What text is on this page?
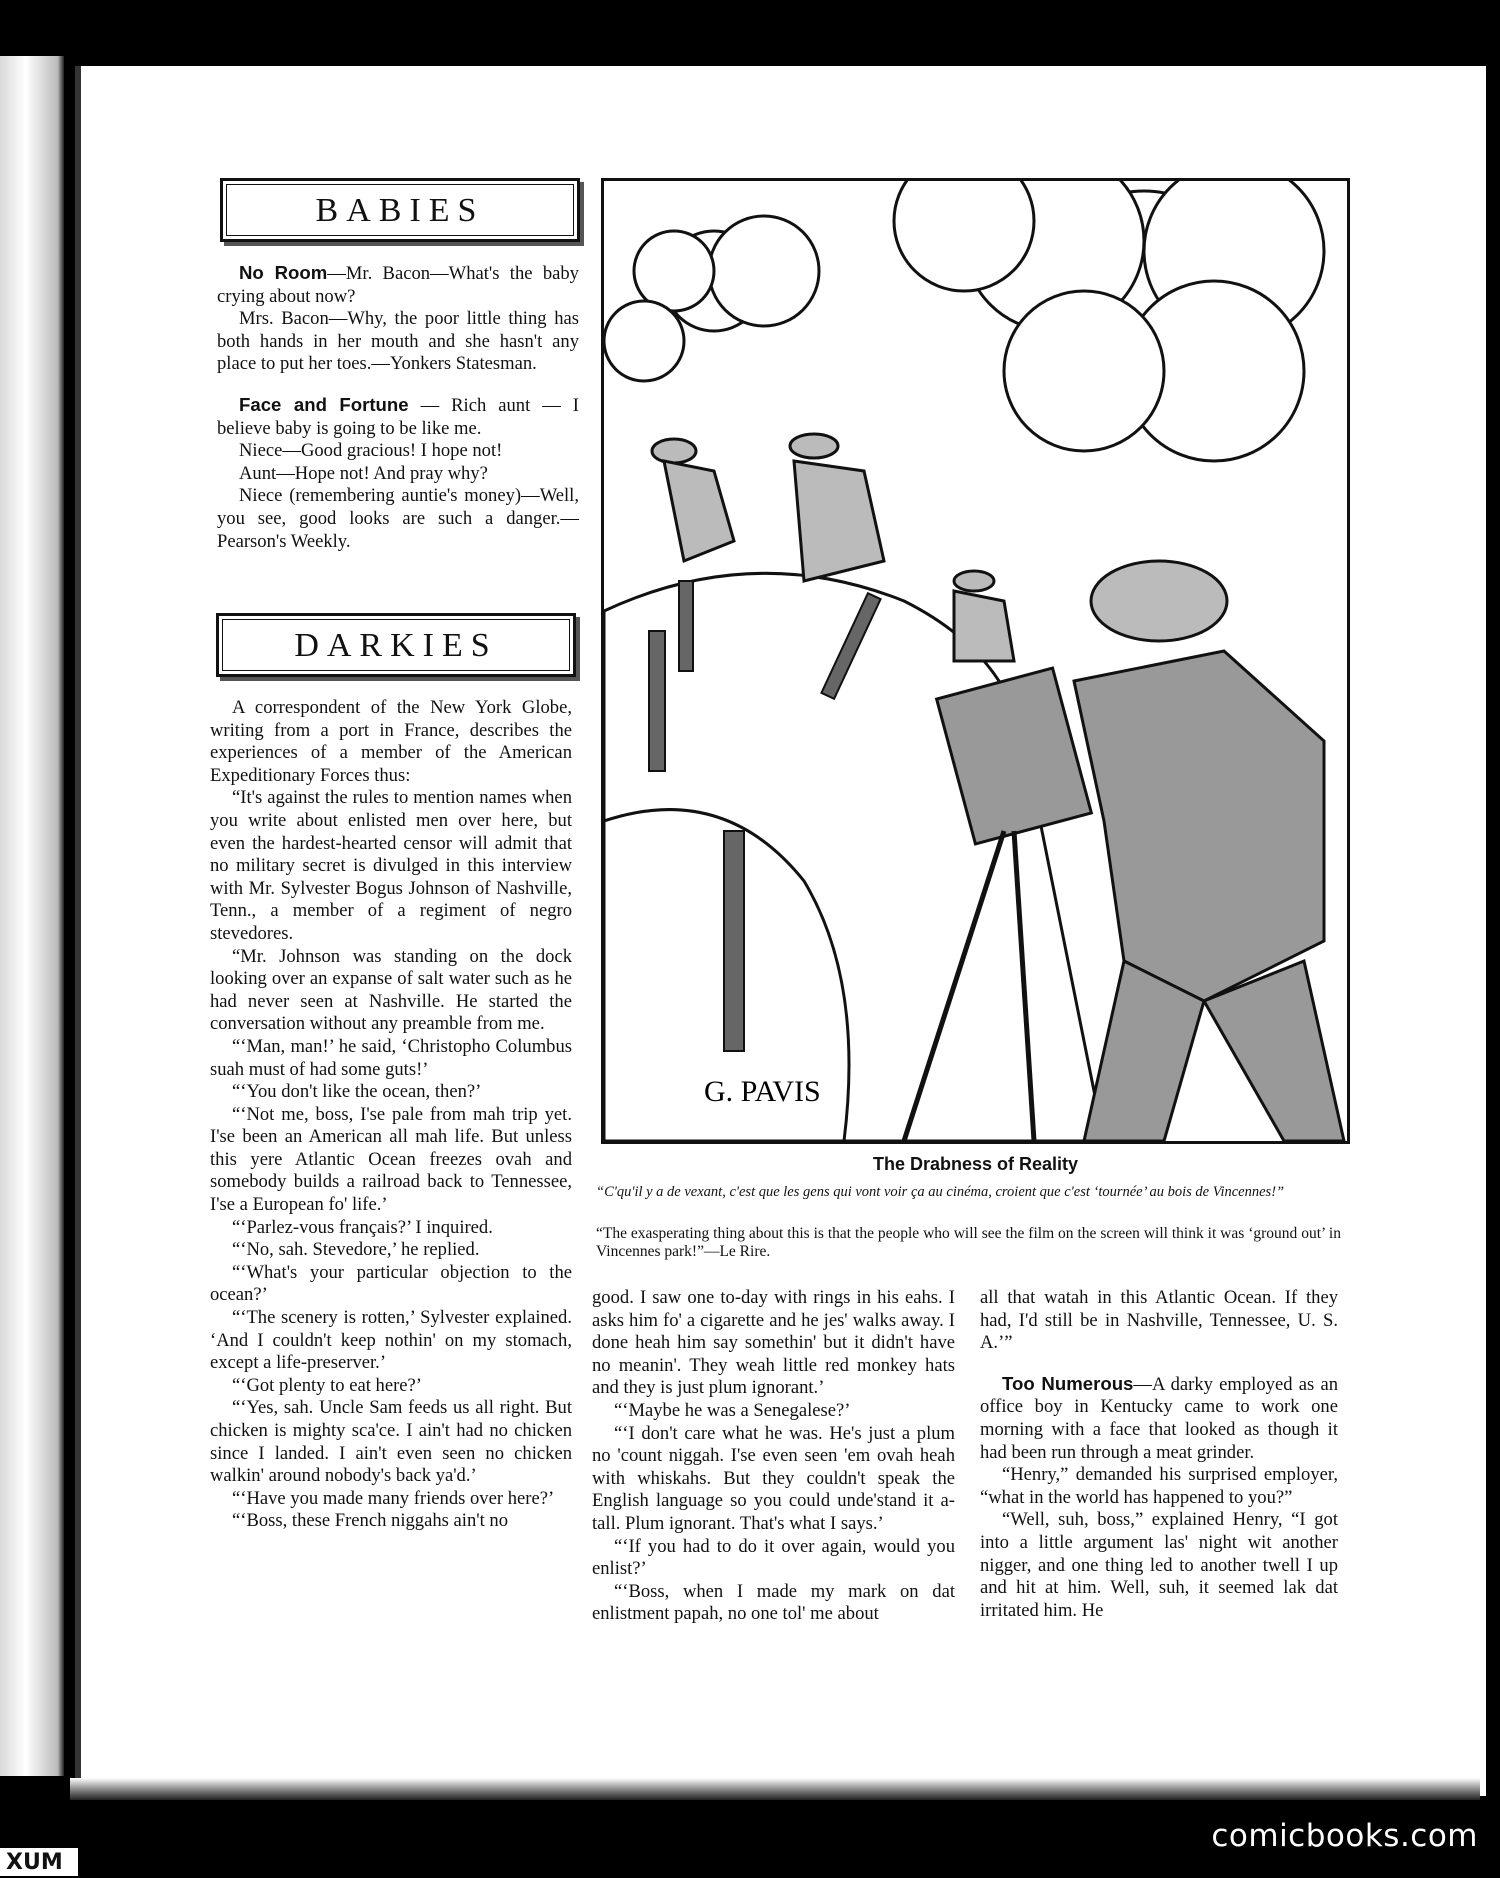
BABIES

No Room—Mr. Bacon—What's the baby crying about now?

Mrs. Bacon—Why, the poor little thing has both hands in her mouth and she hasn't any place to put her toes.—Yonkers Statesman.

Face and Fortune — Rich aunt — I believe baby is going to be like me.

Niece—Good gracious! I hope not!

Aunt—Hope not! And pray why?

Niece (remembering auntie's money)—Well, you see, good looks are such a danger.—Pearson's Weekly.

DARKIES

A correspondent of the New York Globe, writing from a port in France, describes the experiences of a member of the American Expeditionary Forces thus:

“It's against the rules to mention names when you write about enlisted men over here, but even the hardest-hearted censor will admit that no military secret is divulged in this interview with Mr. Sylvester Bogus Johnson of Nashville, Tenn., a member of a regiment of negro stevedores.

“Mr. Johnson was standing on the dock looking over an expanse of salt water such as he had never seen at Nashville. He started the conversation without any preamble from me.

“‘Man, man!’ he said, ‘Christopho Columbus suah must of had some guts!’

“‘You don't like the ocean, then?’

“‘Not me, boss, I'se pale from mah trip yet. I'se been an American all mah life. But unless this yere Atlantic Ocean freezes ovah and somebody builds a railroad back to Tennessee, I'se a European fo' life.’

“‘Parlez-vous français?’ I inquired.

“‘No, sah. Stevedore,’ he replied.

“‘What's your particular objection to the ocean?’

“‘The scenery is rotten,’ Sylvester explained. ‘And I couldn't keep nothin' on my stomach, except a life-preserver.’

“‘Got plenty to eat here?’

“‘Yes, sah. Uncle Sam feeds us all right. But chicken is mighty sca'ce. I ain't had no chicken since I landed. I ain't even seen no chicken walkin' around nobody's back ya'd.’

“‘Have you made many friends over here?’

“‘Boss, these French niggahs ain't no

G. PAVIS
The Drabness of Reality
“C'qu'il y a de vexant, c'est que les gens qui vont voir ça au cinéma, croient que c'est ‘tournée’ au bois de Vincennes!”
“The exasperating thing about this is that the people who will see the film on the screen will think it was ‘ground out’ in Vincennes park!”—Le Rire.

good. I saw one to-day with rings in his eahs. I asks him fo' a cigarette and he jes' walks away. I done heah him say somethin' but it didn't have no meanin'. They weah little red monkey hats and they is just plum ignorant.’

“‘Maybe he was a Senegalese?’

“‘I don't care what he was. He's just a plum no 'count niggah. I'se even seen 'em ovah heah with whiskahs. But they couldn't speak the English language so you could unde'stand it a-tall. Plum ignorant. That's what I says.’

“‘If you had to do it over again, would you enlist?’

“‘Boss, when I made my mark on dat enlistment papah, no one tol' me about

all that watah in this Atlantic Ocean. If they had, I'd still be in Nashville, Tennessee, U. S. A.’”

Too Numerous—A darky employed as an office boy in Kentucky came to work one morning with a face that looked as though it had been run through a meat grinder.

“Henry,” demanded his surprised employer, “what in the world has happened to you?”

“Well, suh, boss,” explained Henry, “I got into a little argument las' night wit another nigger, and one thing led to another twell I up and hit at him. Well, suh, it seemed lak dat irritated him. He

comicbooks.com
XUM
